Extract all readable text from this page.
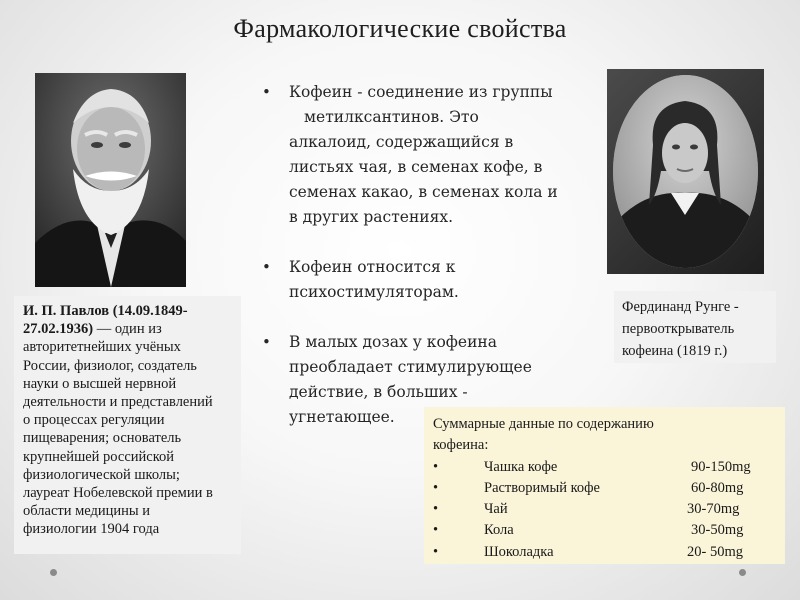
Фармакологические свойства
И. П. Павлов (14.09.1849-
27.02.1936) — один из
авторитетнейших учёных
России, физиолог, создатель
науки о высшей нервной
деятельности и представлений
о процессах регуляции
пищеварения; основатель
крупнейшей российской
физиологической школы;
лауреат Нобелевской премии в
области медицины и
физиологии 1904 года
• Кофеин - соединение из группы
метилксантинов. Это
алкалоид, содержащийся в
листьях чая, в семенах кофе, в
семенах какао, в семенах кола и
в других растениях.
• Кофеин относится к
психостимуляторам.
• В малых дозах у кофеина
преобладает стимулирующее
действие, в больших -
угнетающее.
Фердинанд Рунге -
первооткрыватель
кофеина (1819 г.)
Суммарные данные по содержанию
кофеина:
•	Чашка кофе	90-150mg
•	Растворимый кофе	60-80mg
•	Чай	30-70mg
•	Кола	30-50mg
•	Шоколадка	20- 50mg
